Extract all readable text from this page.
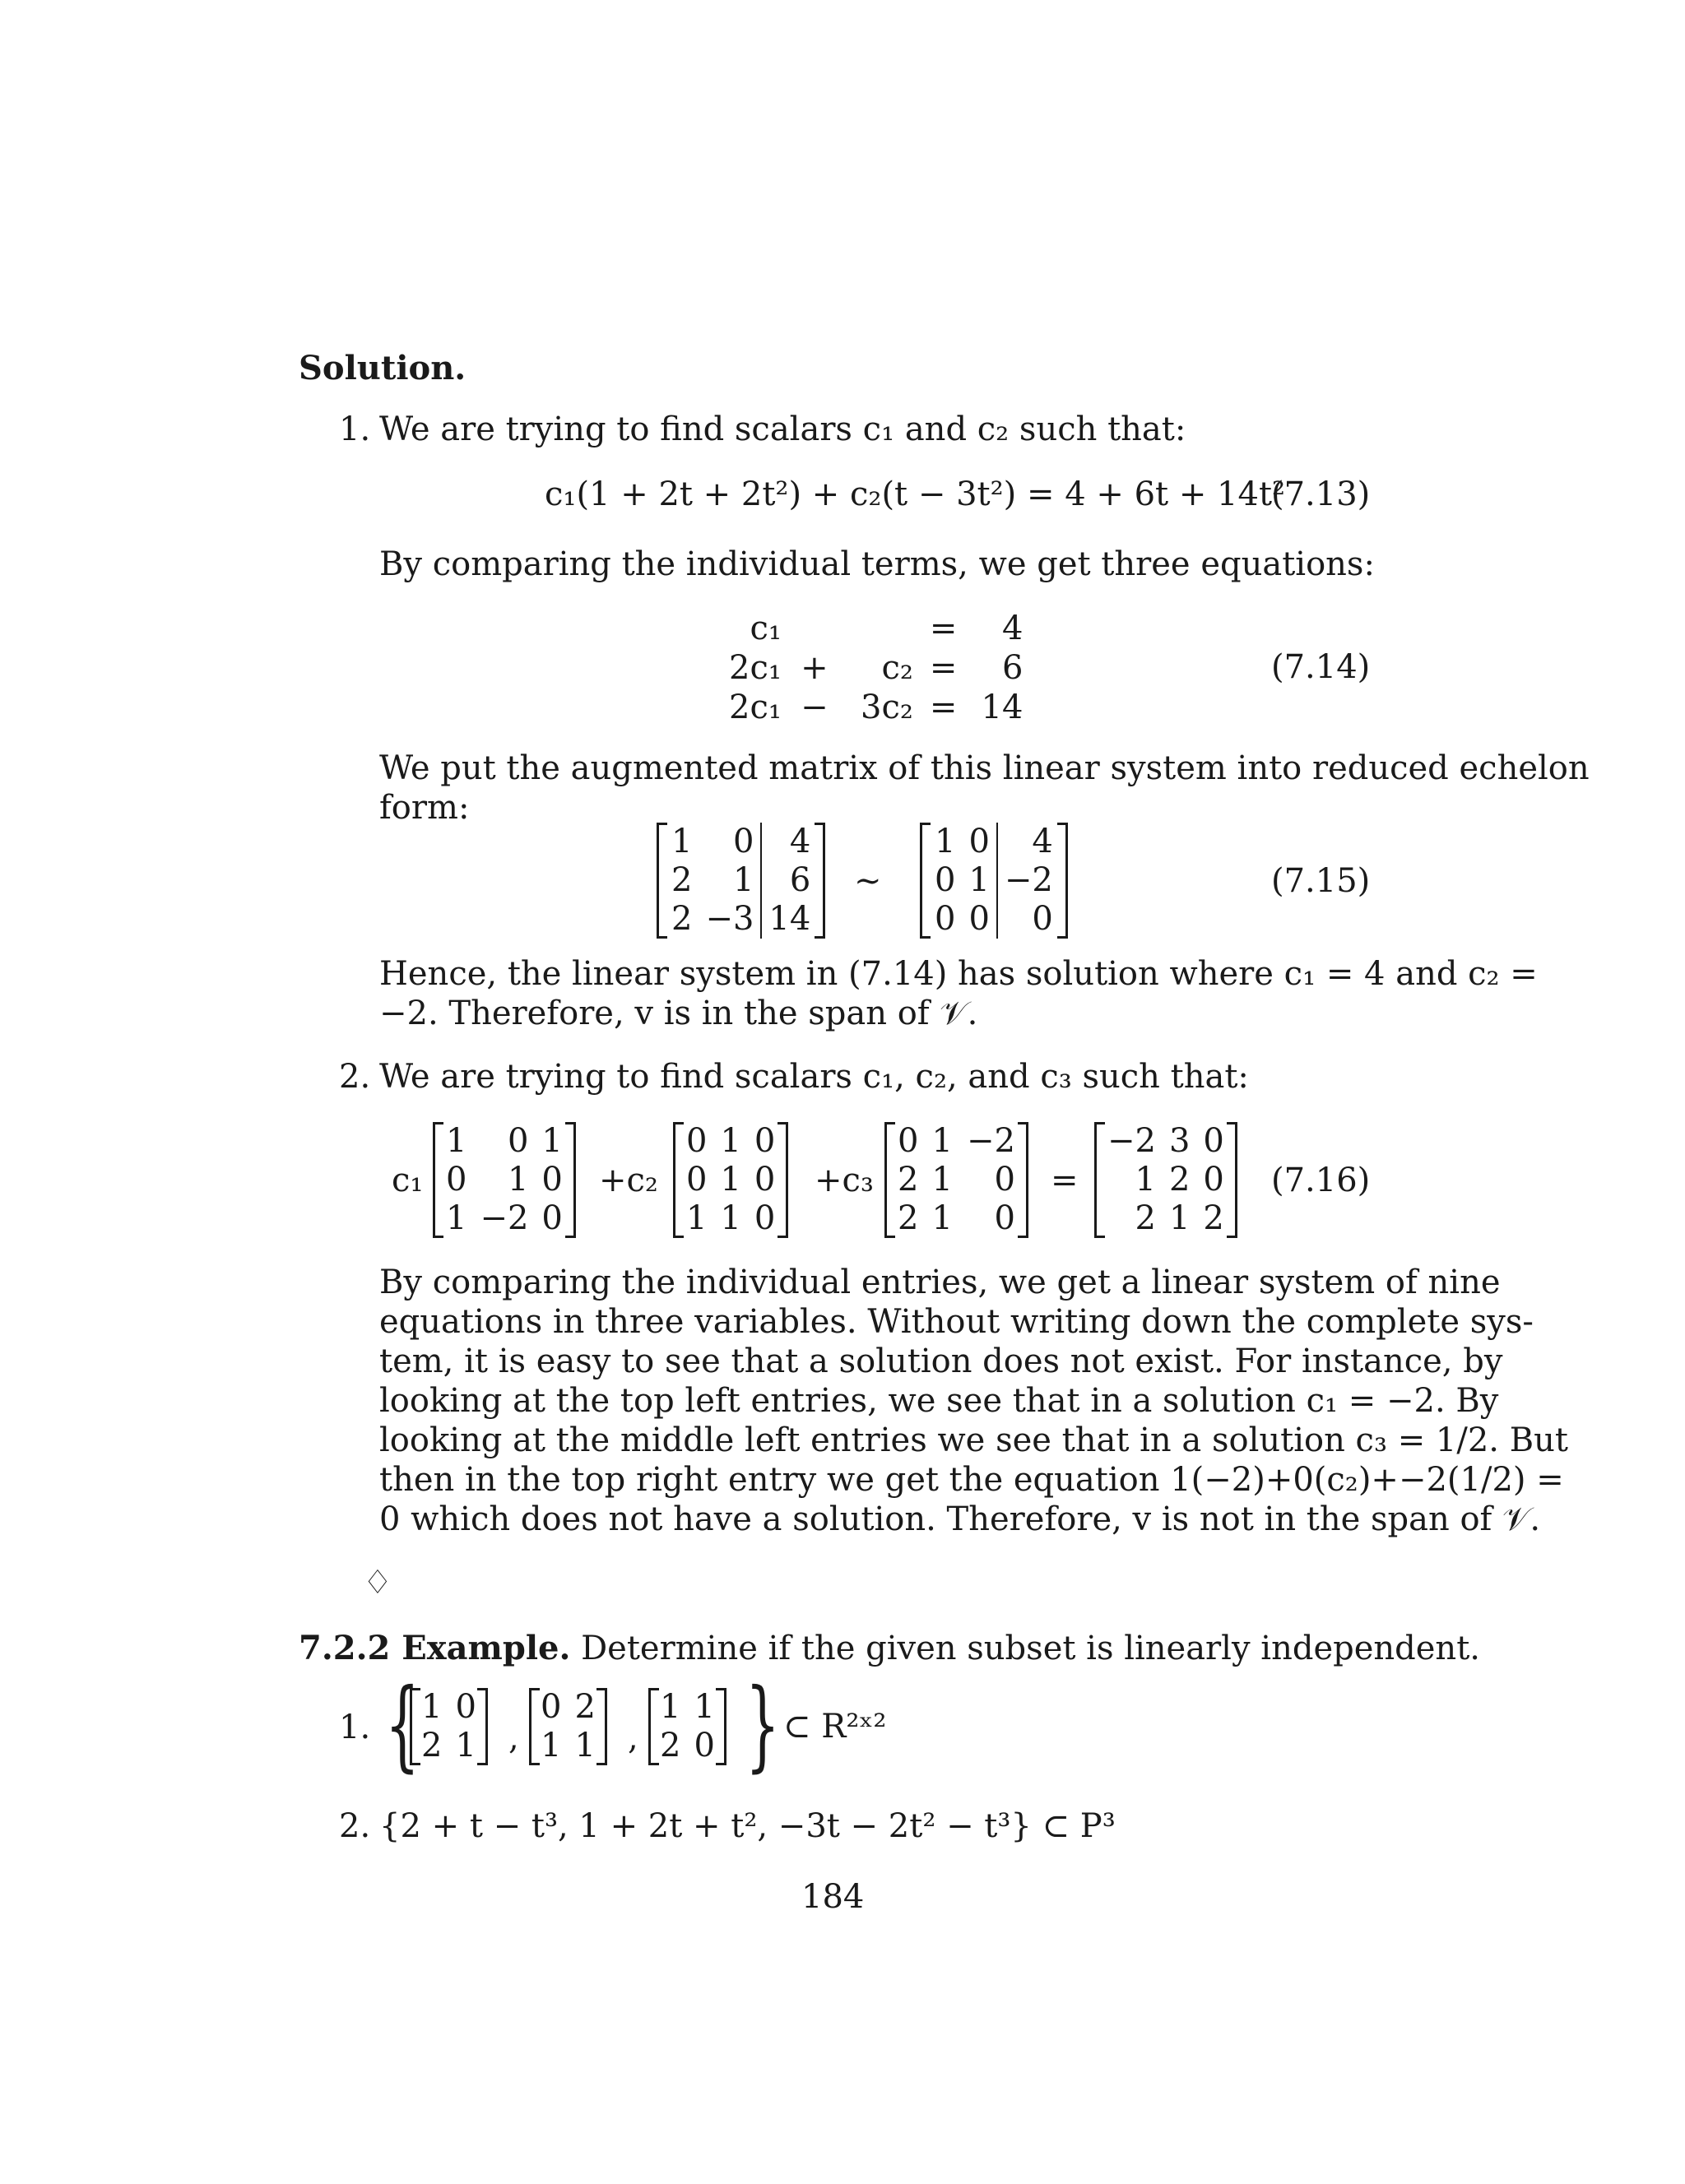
Solution.
1. We are trying to find scalars c₁ and c₂ such that:
c₁(1 + 2t + 2t²) + c₂(t − 3t²) = 4 + 6t + 14t²
(7.13)
By comparing the individual terms, we get three equations:
c₁			=	4
2c₁	+	c₂	=	6
2c₁	−	3c₂	=	14
(7.14)
We put the augmented matrix of this linear system into reduced echelon
form:
1	0	4
2	1	6
2	−3	14
∼
1	0	4
0	1	−2
0	0	0
(7.15)
Hence, the linear system in (7.14) has solution where c₁ = 4 and c₂ =
−2. Therefore, v is in the span of 𝒱.
2. We are trying to find scalars c₁, c₂, and c₃ such that:
c₁
1	0	1
0	1	0
1	−2	0
+c₂
0	1	0
0	1	0
1	1	0
+c₃
0	1	−2
2	1	0
2	1	0
=
−2	3	0
1	2	0
2	1	2
(7.16)
By comparing the individual entries, we get a linear system of nine
equations in three variables. Without writing down the complete sys-
tem, it is easy to see that a solution does not exist. For instance, by
looking at the top left entries, we see that in a solution c₁ = −2. By
looking at the middle left entries we see that in a solution c₃ = 1/2. But
then in the top right entry we get the equation 1(−2)+0(c₂)+−2(1/2) =
0 which does not have a solution. Therefore, v is not in the span of 𝒱.
♢
7.2.2 Example. Determine if the given subset is linearly independent.
1. { 1	0
2	1 ,
0	2
1	1 ,
1	1
2	0 } ⊂ R²ˣ²
2. {2 + t − t³, 1 + 2t + t², −3t − 2t² − t³} ⊂ P³
184
